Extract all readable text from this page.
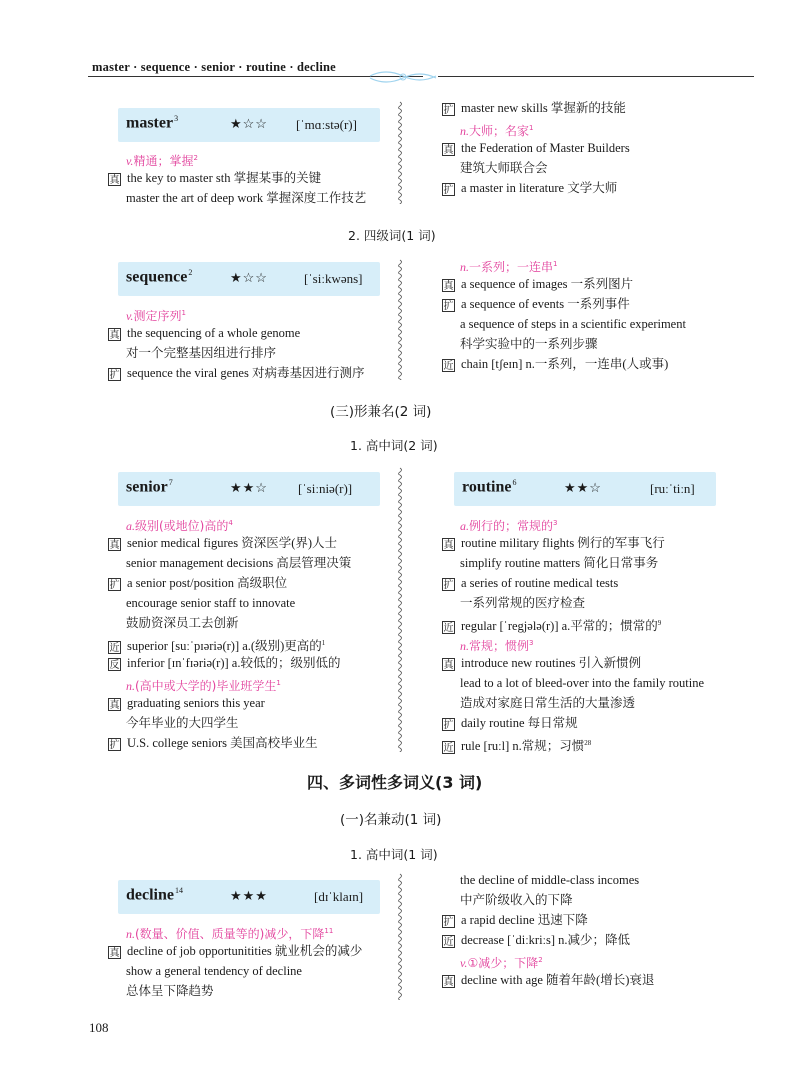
master · sequence · senior · routine · decline
master$^3$	★☆☆ [ˈmɑːstə(r)]
sequence$^2$	★☆☆	[ˈsiːkwəns]
senior$^7$	★★☆ [ˈsiːniə(r)]	routine$^6$	★★☆	[ruːˈtiːn]
decline$^{14}$	★★★	[dɪˈklaɪn]
2. 四级词(1 词)
(三)形兼名(2 词)
1. 高中词(2 词)
四、多词性多词义(3 词)
(一)名兼动(1 词)
1. 高中词(1 词)
108
v.精通；掌握$^2$
真 the key to master sth 掌握某事的关键
master the art of deep work 掌握深度工作技艺
扩 master new skills 掌握新的技能
n.大师；名家$^1$
真 the Federation of Master Builders
建筑大师联合会
扩 a master in literature 文学大师
v.测定序列$^1$
真 the sequencing of a whole genome
对一个完整基因组进行排序
扩 sequence the viral genes 对病毒基因进行测序
n.一系列；一连串$^1$
真 a sequence of images 一系列图片
扩 a sequence of events 一系列事件
a sequence of steps in a scientific experiment
科学实验中的一系列步骤
近 chain [tʃeɪn] n.一系列，一连串(人或事)
a.级别(或地位)高的$^4$
真 senior medical figures 资深医学(界)人士
senior management decisions 高层管理决策
扩 a senior post/position 高级职位
encourage senior staff to innovate
鼓励资深员工去创新
近 superior [suːˈpɪəriə(r)] a.(级别)更高的$^1$
反 inferior [ɪnˈfɪəriə(r)] a.较低的；级别低的
n.(高中或大学的)毕业班学生$^1$
真 graduating seniors this year
今年毕业的大四学生
扩 U.S. college seniors 美国高校毕业生
a.例行的；常规的$^3$
真 routine military flights 例行的军事飞行
simplify routine matters 简化日常事务
扩 a series of routine medical tests
一系列常规的医疗检查
近 regular [ˈregjələ(r)] a.平常的；惯常的$^9$
n.常规；惯例$^3$
真 introduce new routines 引入新惯例
lead to a lot of bleed-over into the family routine
造成对家庭日常生活的大量渗透
扩 daily routine 每日常规
近 rule [ruːl] n.常规；习惯$^{28}$
n.(数量、价值、质量等的)减少，下降$^{11}$
真 decline of job opportunitities 就业机会的减少
show a general tendency of decline
总体呈下降趋势
the decline of middle-class incomes
中产阶级收入的下降
扩 a rapid decline 迅速下降
近 decrease [ˈdiːkriːs] n.减少；降低
v.①减少；下降$^2$
真 decline with age 随着年龄(增长)衰退
